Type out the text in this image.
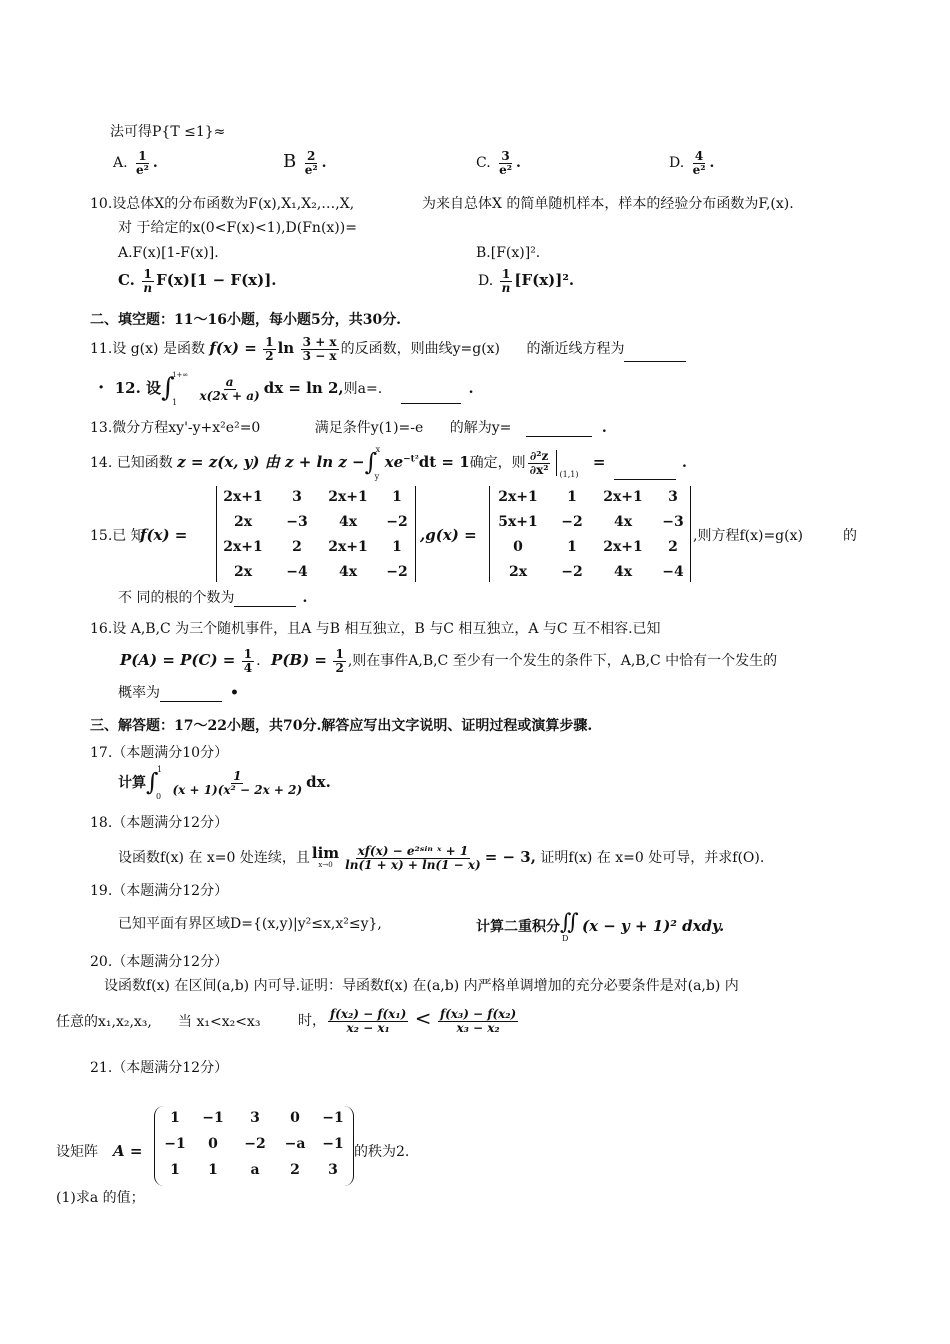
法可得P{T ≤1}≈
A. $\frac{1}{\text{e²}}$ .	B $\frac{2}{\text{e²}}$ .	C. $\frac{3}{\text{e²}}$ .	D. $\frac{4}{\text{e²}}$ .
10.设总体X的分布函数为F(x),X₁,X₂,…,X,	为来自总体X 的简单随机样本，样本的经验分布函数为F,(x).
对 于给定的x(0<F(x)<1),D(Fn(x))=
A.F(x)[1-F(x)].	B.[F(x)]².
C. $\frac{1}{n} F(x)[1 - F(x)]$.	D. $\frac{1}{n} [F(x)]^2$.
二、填空题：11～16小题，每小题5分，共30分.
11.设 g(x) 是函数 $f(x) = \frac{1}{2}$ $\ln \frac{3 + x}{3 - x}$ 的反函数，则曲线y=g(x) 的渐近线方程为
· 12. 设 ∫
1+∞
1

$\frac{a}{x(2x + a)}$ dx = ln 2,则a=.	.
13.微分方程xy'-y+x²e²=0	满足条件y(1)=-e 的解为y=	.
14. 已知函数 z = z(x, y) 由 z + ln z − ∫
x
y
$xe^{-t^2}dt = 1$确定，则 $\frac{\text{∂²z}}{\text{∂x²}} _{(1,1)}$ =	.
15.已 知
f(x) =
2x+1	3	2x+1	1
2x	−3	4x	−2
2x+1	2	2x+1	1
2x	−4	4x	−2
,g(x) =
2x+1	1	2x+1	3
5x+1	−2	4x	−3
0	1	2x+1	2
2x	−2	4x	−4
,则方程f(x)=g(x)	的
不 同的根的个数为	.
16.设 A,B,C 为三个随机事件，且A 与B 相互独立，B 与C 相互独立，A 与C 互不相容.已知
$P(A) = P(C) = \frac{1}{4}$ . $P(B) = \frac{1}{2}$ ,则在事件A,B,C 至少有一个发生的条件下，A,B,C 中恰有一个发生的
概率为	•
三、解答题：17～22小题，共70分.解答应写出文字说明、证明过程或演算步骤.
17.（本题满分10分）
计算 ∫
1
0

$\frac{1}{\text{(x + 1)(x² − 2x + 2)}}$ dx.
18.（本题满分12分）
设函数f(x) 在 x=0 处连续，且 lim
$x\to 0 \frac{\text{xf(x) − e²ˢⁱⁿ ˣ + 1}}{\ln(1 + x) + \ln(1 - x)}$ = − 3, 证明f(x) 在 x=0 处可导，并求f(O).
19.（本题满分12分）
已知平面有界区域D={(x,y)|y²≤x,x²≤y},	计算二重积分 ∬
D
(x − y + 1)² dxdy.
20.（本题满分12分）
设函数f(x) 在区间(a,b) 内可导.证明：导函数f(x) 在(a,b) 内严格单调增加的充分必要条件是对(a,b) 内
任意的x₁,x₂,x₃, 当 x₁<x₂<x₃	时， $\frac{\text{f(x₂) − f(x₁)}}{\text{x₂ − x₁}} < \frac{\text{f(x₃) − f(x₂)}}{\text{x₃ − x₂}}$
21.（本题满分12分）
设矩阵 A =
1	−1	3	0	−1
−1	0	−2	−a	−1
1	1	a	2	3
的秩为2.
(1)求a 的值；
